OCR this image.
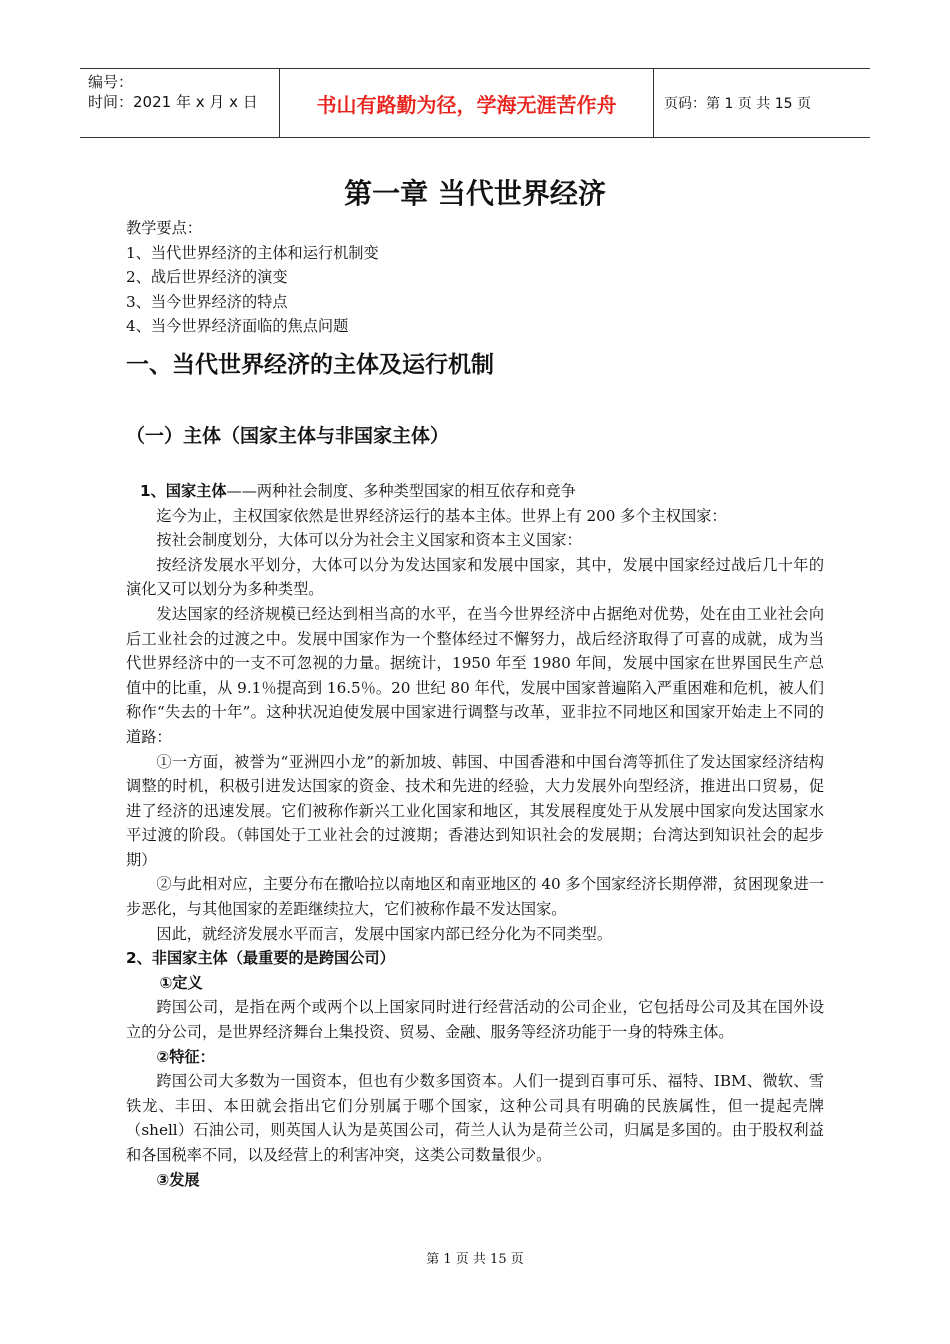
编号：
时间：2021 年 x 月 x 日	书山有路勤为径，学海无涯苦作舟	页码：第 1 页 共 15 页
第一章 当代世界经济

教学要点：

1、当代世界经济的主体和运行机制变

2、战后世界经济的演变

3、当今世界经济的特点

4、当今世界经济面临的焦点问题

一、当代世界经济的主体及运行机制
（一）主体（国家主体与非国家主体）

1、国家主体——两种社会制度、多种类型国家的相互依存和竞争

迄今为止，主权国家依然是世界经济运行的基本主体。世界上有 200 多个主权国家：

按社会制度划分，大体可以分为社会主义国家和资本主义国家：

按经济发展水平划分，大体可以分为发达国家和发展中国家，其中，发展中国家经过战后几十年的演化又可以划分为多种类型。

发达国家的经济规模已经达到相当高的水平，在当今世界经济中占据绝对优势，处在由工业社会向后工业社会的过渡之中。发展中国家作为一个整体经过不懈努力，战后经济取得了可喜的成就，成为当代世界经济中的一支不可忽视的力量。据统计，1950 年至 1980 年间，发展中国家在世界国民生产总值中的比重，从 9.1％提高到 16.5％。20 世纪 80 年代，发展中国家普遍陷入严重困难和危机，被人们称作“失去的十年”。这种状况迫使发展中国家进行调整与改革，亚非拉不同地区和国家开始走上不同的道路：

①一方面，被誉为“亚洲四小龙”的新加坡、韩国、中国香港和中国台湾等抓住了发达国家经济结构调整的时机，积极引进发达国家的资金、技术和先进的经验，大力发展外向型经济，推进出口贸易，促进了经济的迅速发展。它们被称作新兴工业化国家和地区，其发展程度处于从发展中国家向发达国家水平过渡的阶段。（韩国处于工业社会的过渡期；香港达到知识社会的发展期；台湾达到知识社会的起步期）

②与此相对应，主要分布在撒哈拉以南地区和南亚地区的 40 多个国家经济长期停滞，贫困现象进一步恶化，与其他国家的差距继续拉大，它们被称作最不发达国家。

因此，就经济发展水平而言，发展中国家内部已经分化为不同类型。

2、非国家主体（最重要的是跨国公司）

①定义

跨国公司，是指在两个或两个以上国家同时进行经营活动的公司企业，它包括母公司及其在国外设立的分公司，是世界经济舞台上集投资、贸易、金融、服务等经济功能于一身的特殊主体。

②特征：

跨国公司大多数为一国资本，但也有少数多国资本。人们一提到百事可乐、福特、IBM、微软、雪铁龙、丰田、本田就会指出它们分别属于哪个国家，这种公司具有明确的民族属性，但一提起壳牌（shell）石油公司，则英国人认为是英国公司，荷兰人认为是荷兰公司，归属是多国的。由于股权利益和各国税率不同，以及经营上的利害冲突，这类公司数量很少。

③发展

第 1 页 共 15 页
